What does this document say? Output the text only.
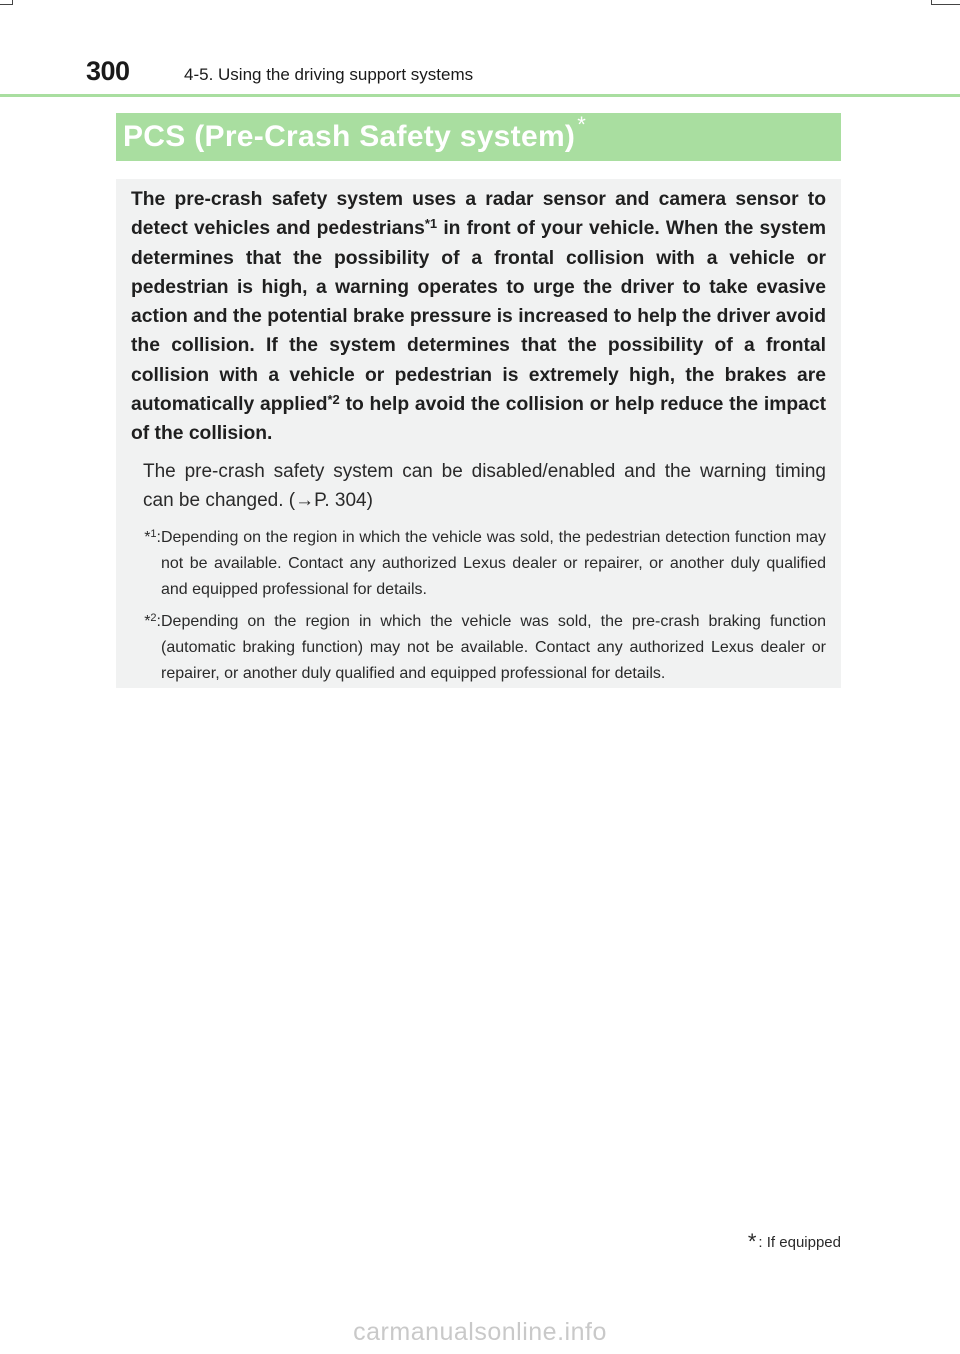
300	4-5. Using the driving support systems
PCS (Pre-Crash Safety system) *

The pre-crash safety system uses a radar sensor and camera sensor to detect vehicles and pedestrians$^{*1}$ in front of your vehicle. When the system determines that the possibility of a frontal collision with a vehicle or pedestrian is high, a warning operates to urge the driver to take evasive action and the potential brake pressure is increased to help the driver avoid the collision. If the system determines that the possibility of a frontal collision with a vehicle or pedestrian is extremely high, the brakes are automatically applied$^{*2}$ to help avoid the collision or help reduce the impact of the collision.

The pre-crash safety system can be disabled/enabled and the warning timing can be changed. (→P. 304)

*$^1$: Depending on the region in which the vehicle was sold, the pedestrian detection function may not be available. Contact any authorized Lexus dealer or repairer, or another duly qualified and equipped professional for details.
*$^2$: Depending on the region in which the vehicle was sold, the pre-crash braking function (automatic braking function) may not be available. Contact any authorized Lexus dealer or repairer, or another duly qualified and equipped professional for details.
* : If equipped
carmanualsonline.info
